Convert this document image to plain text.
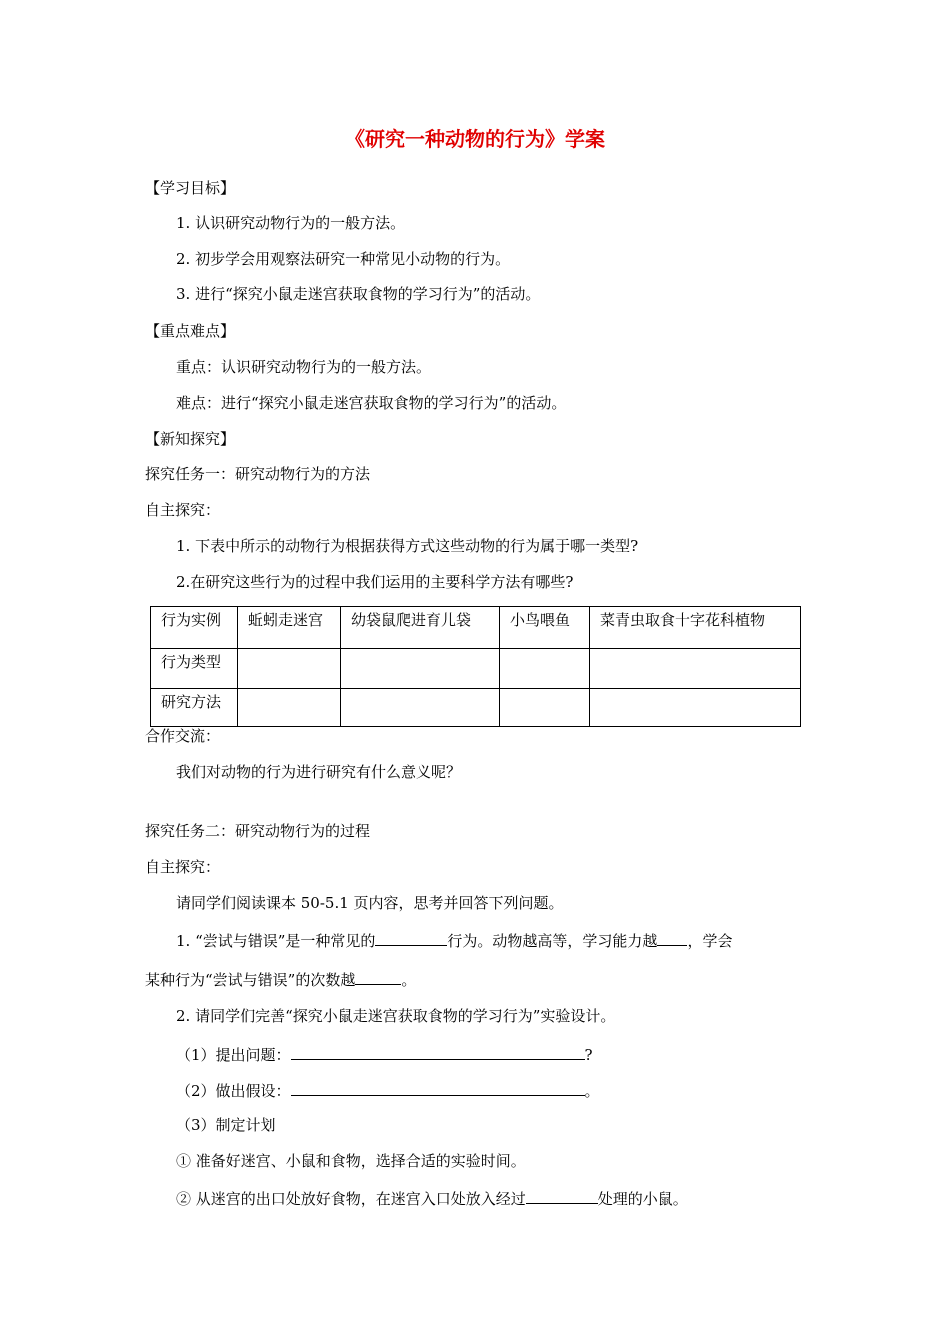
《研究一种动物的行为》学案
【学习目标】
1. 认识研究动物行为的一般方法。
2. 初步学会用观察法研究一种常见小动物的行为。
3. 进行“探究小鼠走迷宫获取食物的学习行为”的活动。
【重点难点】
重点：认识研究动物行为的一般方法。
难点：进行“探究小鼠走迷宫获取食物的学习行为”的活动。
【新知探究】
探究任务一：研究动物行为的方法
自主探究：
1. 下表中所示的动物行为根据获得方式这些动物的行为属于哪一类型?
2.在研究这些行为的过程中我们运用的主要科学方法有哪些?
行为实例	蚯蚓走迷宫	幼袋鼠爬进育儿袋	小鸟喂鱼	菜青虫取食十字花科植物
行为类型				
研究方法				
合作交流：
我们对动物的行为进行研究有什么意义呢？
探究任务二：研究动物行为的过程
自主探究：
请同学们阅读课本 50-5.1 页内容，思考并回答下列问题。
1. “尝试与错误”是一种常见的	行为。动物越高等，学习能力越 ，学会
某种行为“尝试与错误”的次数越	。
2. 请同学们完善“探究小鼠走迷宫获取食物的学习行为”实验设计。
（1）提出问题：	?
（2）做出假设：	。
（3）制定计划
① 准备好迷宫、小鼠和食物，选择合适的实验时间。
② 从迷宫的出口处放好食物，在迷宫入口处放入经过	处理的小鼠。
